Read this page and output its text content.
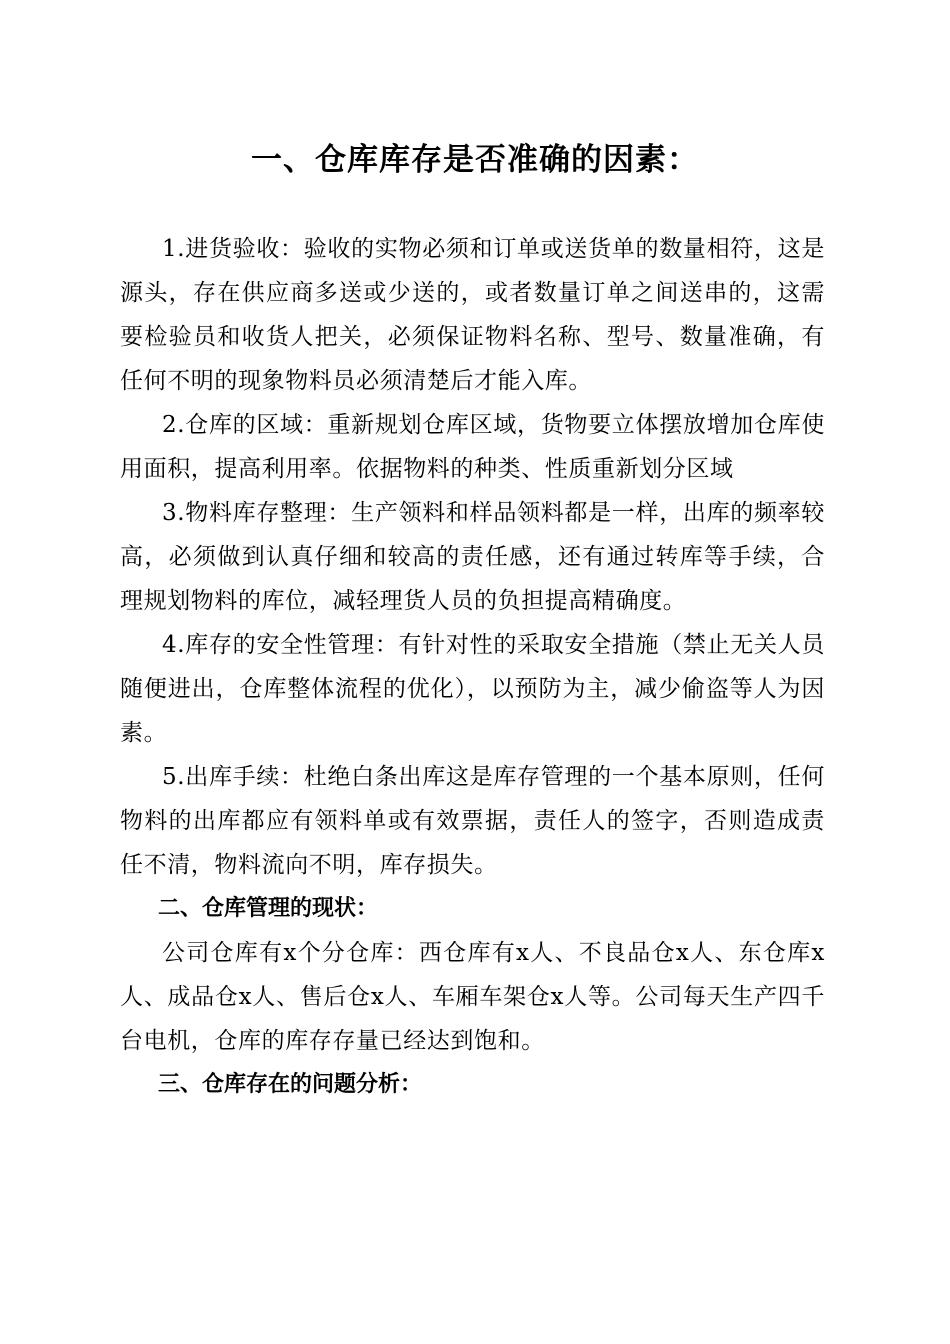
一、仓库库存是否准确的因素：

1.进货验收：验收的实物必须和订单或送货单的数量相符，这是源头，存在供应商多送或少送的，或者数量订单之间送串的，这需要检验员和收货人把关，必须保证物料名称、型号、数量准确，有任何不明的现象物料员必须清楚后才能入库。

2.仓库的区域：重新规划仓库区域，货物要立体摆放增加仓库使用面积，提高利用率。依据物料的种类、性质重新划分区域

3.物料库存整理：生产领料和样品领料都是一样，出库的频率较高，必须做到认真仔细和较高的责任感，还有通过转库等手续，合理规划物料的库位，减轻理货人员的负担提高精确度。

4.库存的安全性管理：有针对性的采取安全措施（禁止无关人员随便进出，仓库整体流程的优化），以预防为主，减少偷盗等人为因素。

5.出库手续：杜绝白条出库这是库存管理的一个基本原则，任何物料的出库都应有领料单或有效票据，责任人的签字，否则造成责任不清，物料流向不明，库存损失。

二、仓库管理的现状：

公司仓库有x个分仓库：西仓库有x人、不良品仓x人、东仓库x人、成品仓x人、售后仓x人、车厢车架仓x人等。公司每天生产四千台电机，仓库的库存存量已经达到饱和。

三、仓库存在的问题分析：
